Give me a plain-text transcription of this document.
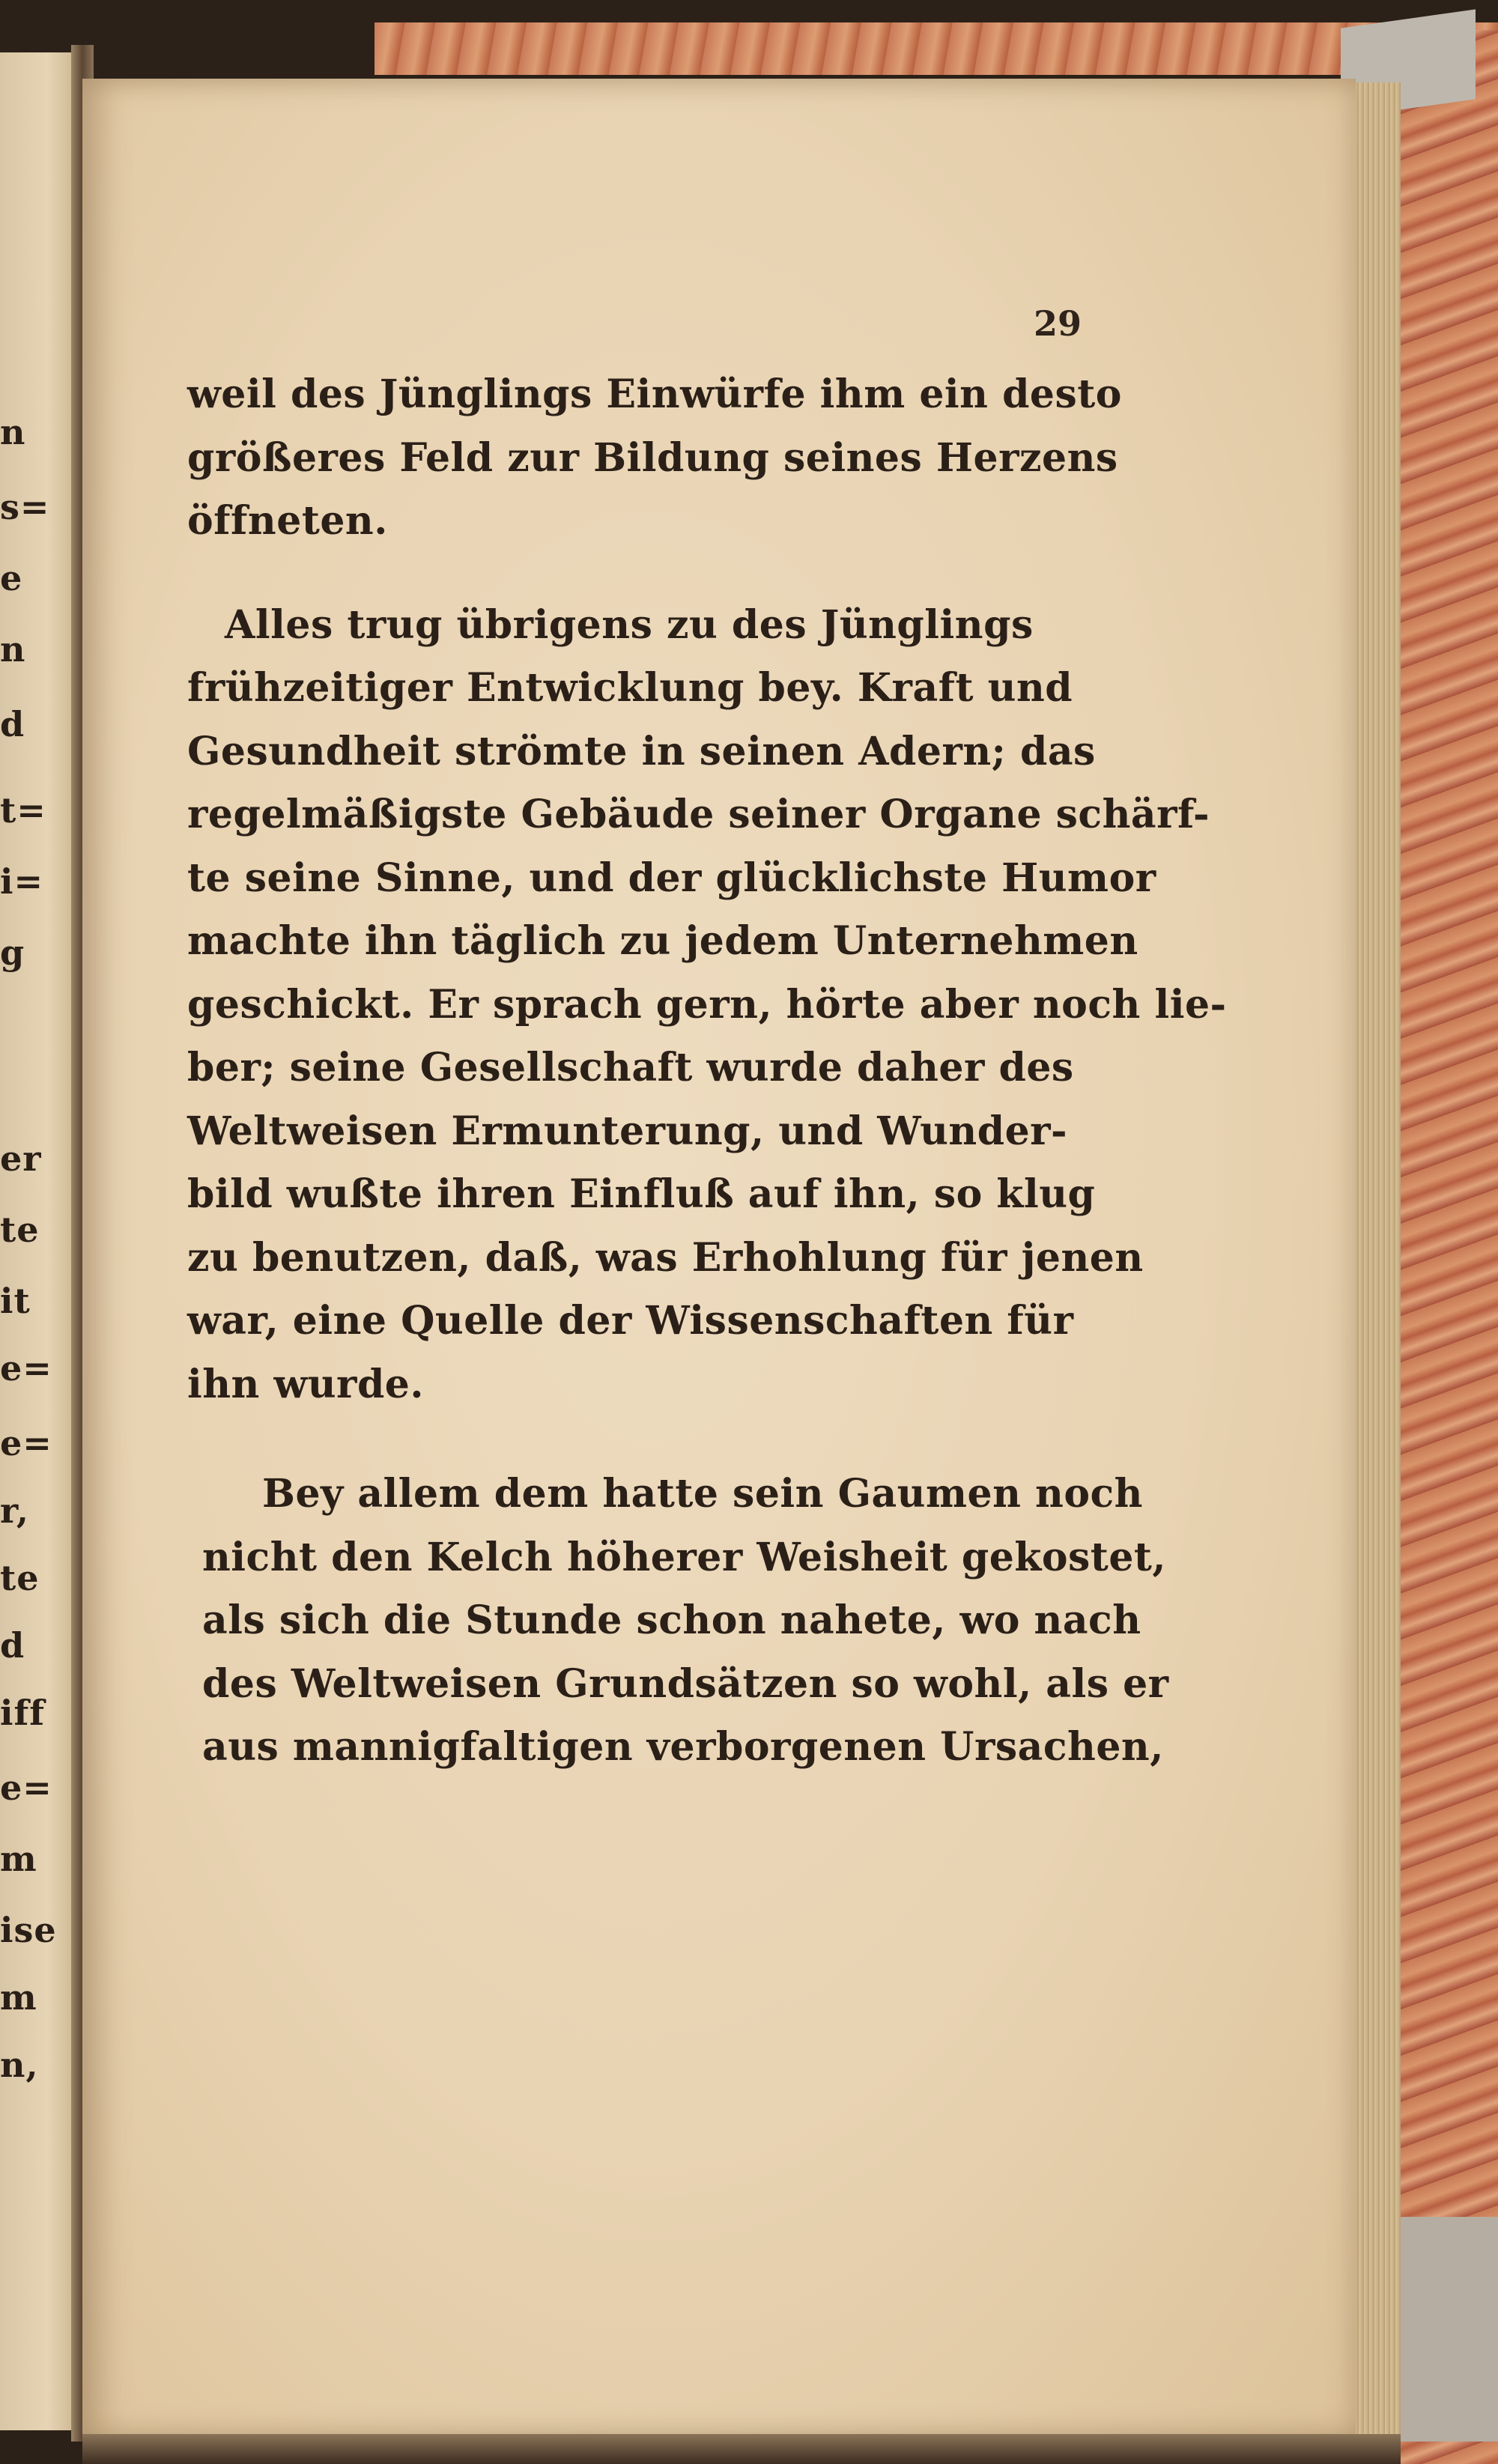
n
s=
e
n
d
t=
i=
g
er
te
it
e=
e=
r,
te
d
iff
e=
m
ise
m
n,
29

weil des Jünglings Einwürfe ihm ein desto
größeres Feld zur Bildung seines Herzens
öffneten.

Alles trug übrigens zu des Jünglings
frühzeitiger Entwicklung bey. Kraft und
Gesundheit strömte in seinen Adern; das
regelmäßigste Gebäude seiner Organe schärf-
te seine Sinne, und der glücklichste Humor
machte ihn täglich zu jedem Unternehmen
geschickt. Er sprach gern, hörte aber noch lie-
ber; seine Gesellschaft wurde daher des
Weltweisen Ermunterung, und Wunder-
bild wußte ihren Einfluß auf ihn, so klug
zu benutzen, daß, was Erhohlung für jenen
war, eine Quelle der Wissenschaften für
ihn wurde.

Bey allem dem hatte sein Gaumen noch
nicht den Kelch höherer Weisheit gekostet,
als sich die Stunde schon nahete, wo nach
des Weltweisen Grundsätzen so wohl, als er
aus mannigfaltigen verborgenen Ursachen,
